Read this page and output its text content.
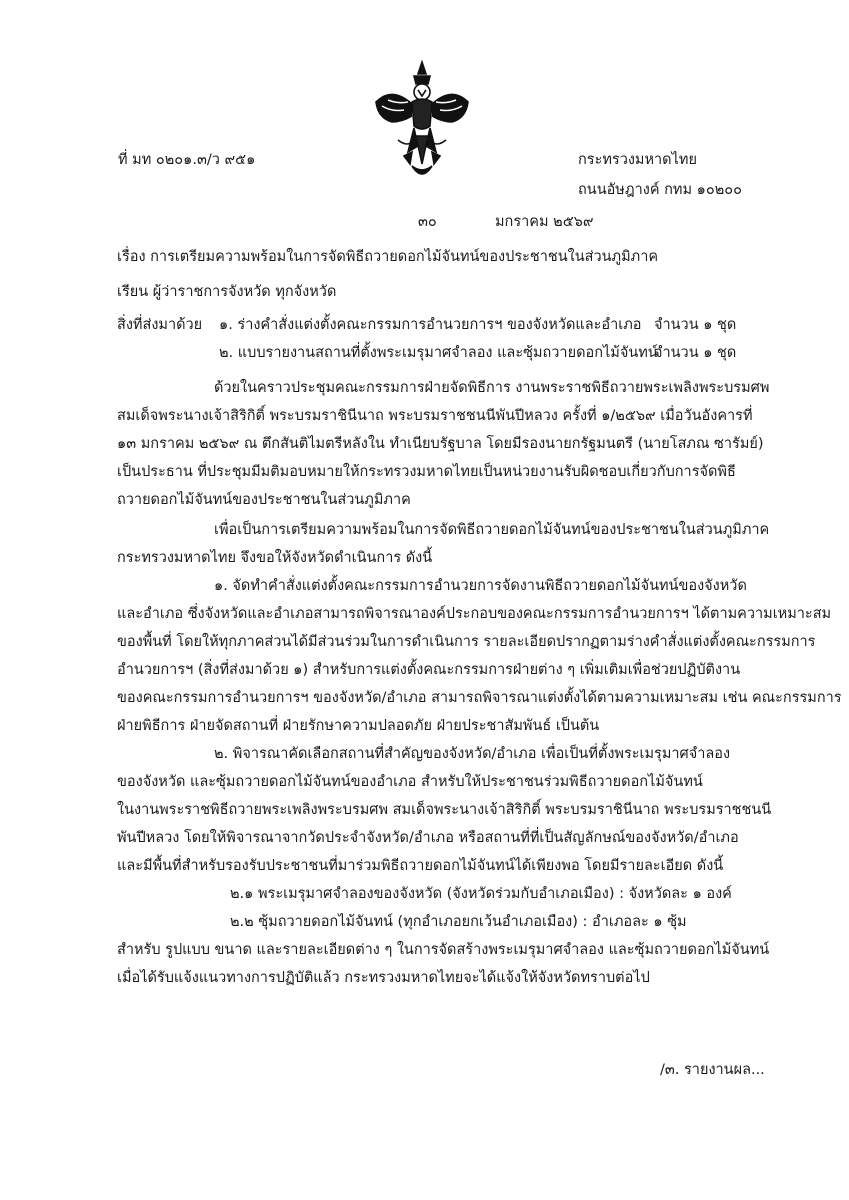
ที่ มท ๐๒๐๑.๓/ว ๙๕๑	กระทรวงมหาดไทย
ถนนอัษฎางค์ กทม ๑๐๒๐๐
๓๐	มกราคม ๒๕๖๙
เรื่อง การเตรียมความพร้อมในการจัดพิธีถวายดอกไม้จันทน์ของประชาชนในส่วนภูมิภาค
เรียน ผู้ว่าราชการจังหวัด ทุกจังหวัด
สิ่งที่ส่งมาด้วย ๑. ร่างคำสั่งแต่งตั้งคณะกรรมการอำนวยการฯ ของจังหวัดและอำเภอ จำนวน ๑ ชุด
๒. แบบรายงานสถานที่ตั้งพระเมรุมาศจำลอง และซุ้มถวายดอกไม้จันทน์
จำนวน ๑ ชุด
ด้วยในคราวประชุมคณะกรรมการฝ่ายจัดพิธีการ งานพระราชพิธีถวายพระเพลิงพระบรมศพ
สมเด็จพระนางเจ้าสิริกิติ์ พระบรมราชินีนาถ พระบรมราชชนนีพันปีหลวง ครั้งที่ ๑/๒๕๖๙ เมื่อวันอังคารที่
๑๓ มกราคม ๒๕๖๙ ณ ตึกสันติไมตรีหลังใน ทำเนียบรัฐบาล โดยมีรองนายกรัฐมนตรี (นายโสภณ ซารัมย์)
เป็นประธาน ที่ประชุมมีมติมอบหมายให้กระทรวงมหาดไทยเป็นหน่วยงานรับผิดชอบเกี่ยวกับการจัดพิธี
ถวายดอกไม้จันทน์ของประชาชนในส่วนภูมิภาค
เพื่อเป็นการเตรียมความพร้อมในการจัดพิธีถวายดอกไม้จันทน์ของประชาชนในส่วนภูมิภาค
กระทรวงมหาดไทย จึงขอให้จังหวัดดำเนินการ ดังนี้
๑. จัดทำคำสั่งแต่งตั้งคณะกรรมการอำนวยการจัดงานพิธีถวายดอกไม้จันทน์ของจังหวัด
และอำเภอ ซึ่งจังหวัดและอำเภอสามารถพิจารณาองค์ประกอบของคณะกรรมการอำนวยการฯ ได้ตามความเหมาะสม
ของพื้นที่ โดยให้ทุกภาคส่วนได้มีส่วนร่วมในการดำเนินการ รายละเอียดปรากฏตามร่างคำสั่งแต่งตั้งคณะกรรมการ
อำนวยการฯ (สิ่งที่ส่งมาด้วย ๑) สำหรับการแต่งตั้งคณะกรรมการฝ่ายต่าง ๆ เพิ่มเติมเพื่อช่วยปฏิบัติงาน
ของคณะกรรมการอำนวยการฯ ของจังหวัด/อำเภอ สามารถพิจารณาแต่งตั้งได้ตามความเหมาะสม เช่น คณะกรรมการ
ฝ่ายพิธีการ ฝ่ายจัดสถานที่ ฝ่ายรักษาความปลอดภัย ฝ่ายประชาสัมพันธ์ เป็นต้น
๒. พิจารณาคัดเลือกสถานที่สำคัญของจังหวัด/อำเภอ เพื่อเป็นที่ตั้งพระเมรุมาศจำลอง
ของจังหวัด และซุ้มถวายดอกไม้จันทน์ของอำเภอ สำหรับให้ประชาชนร่วมพิธีถวายดอกไม้จันทน์
ในงานพระราชพิธีถวายพระเพลิงพระบรมศพ สมเด็จพระนางเจ้าสิริกิติ์ พระบรมราชินีนาถ พระบรมราชชนนี
พันปีหลวง โดยให้พิจารณาจากวัดประจำจังหวัด/อำเภอ หรือสถานที่ที่เป็นสัญลักษณ์ของจังหวัด/อำเภอ
และมีพื้นที่สำหรับรองรับประชาชนที่มาร่วมพิธีถวายดอกไม้จันทน์ได้เพียงพอ โดยมีรายละเอียด ดังนี้
๒.๑ พระเมรุมาศจำลองของจังหวัด (จังหวัดร่วมกับอำเภอเมือง) : จังหวัดละ ๑ องค์
๒.๒ ซุ้มถวายดอกไม้จันทน์ (ทุกอำเภอยกเว้นอำเภอเมือง) : อำเภอละ ๑ ซุ้ม
สำหรับ รูปแบบ ขนาด และรายละเอียดต่าง ๆ ในการจัดสร้างพระเมรุมาศจำลอง และซุ้มถวายดอกไม้จันทน์
เมื่อได้รับแจ้งแนวทางการปฏิบัติแล้ว กระทรวงมหาดไทยจะได้แจ้งให้จังหวัดทราบต่อไป
/๓. รายงานผล...
